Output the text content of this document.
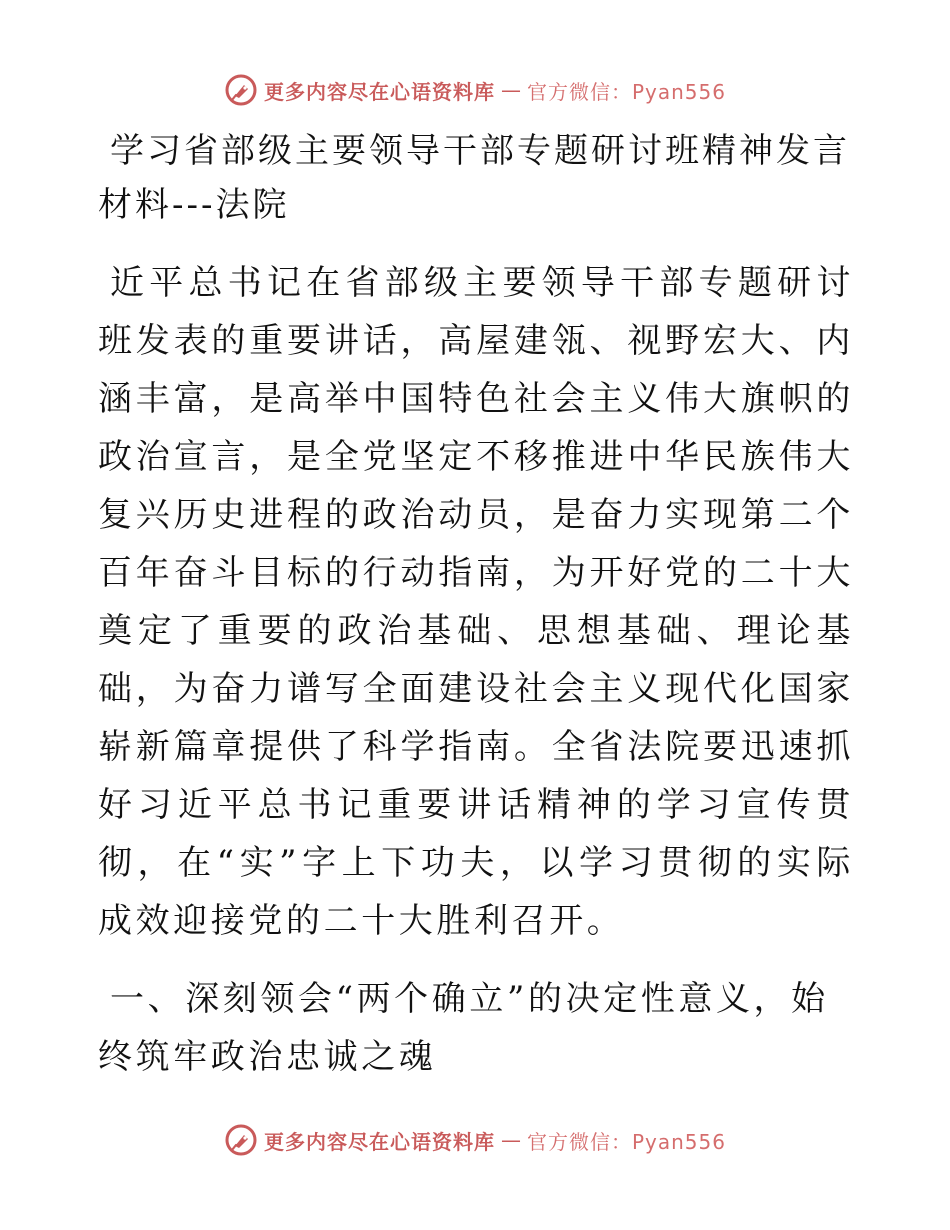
更多内容尽在心语资料库 — 官方微信：Pyan556
学习省部级主要领导干部专题研讨班精神发言材料---法院

近平总书记在省部级主要领导干部专题研讨班发表的重要讲话，高屋建瓴、视野宏大、内涵丰富，是高举中国特色社会主义伟大旗帜的政治宣言，是全党坚定不移推进中华民族伟大复兴历史进程的政治动员，是奋力实现第二个百年奋斗目标的行动指南，为开好党的二十大奠定了重要的政治基础、思想基础、理论基础，为奋力谱写全面建设社会主义现代化国家崭新篇章提供了科学指南。全省法院要迅速抓好习近平总书记重要讲话精神的学习宣传贯彻，在“实”字上下功夫，以学习贯彻的实际成效迎接党的二十大胜利召开。

一、深刻领会“两个确立”的决定性意义，始终筑牢政治忠诚之魂
更多内容尽在心语资料库 — 官方微信：Pyan556
